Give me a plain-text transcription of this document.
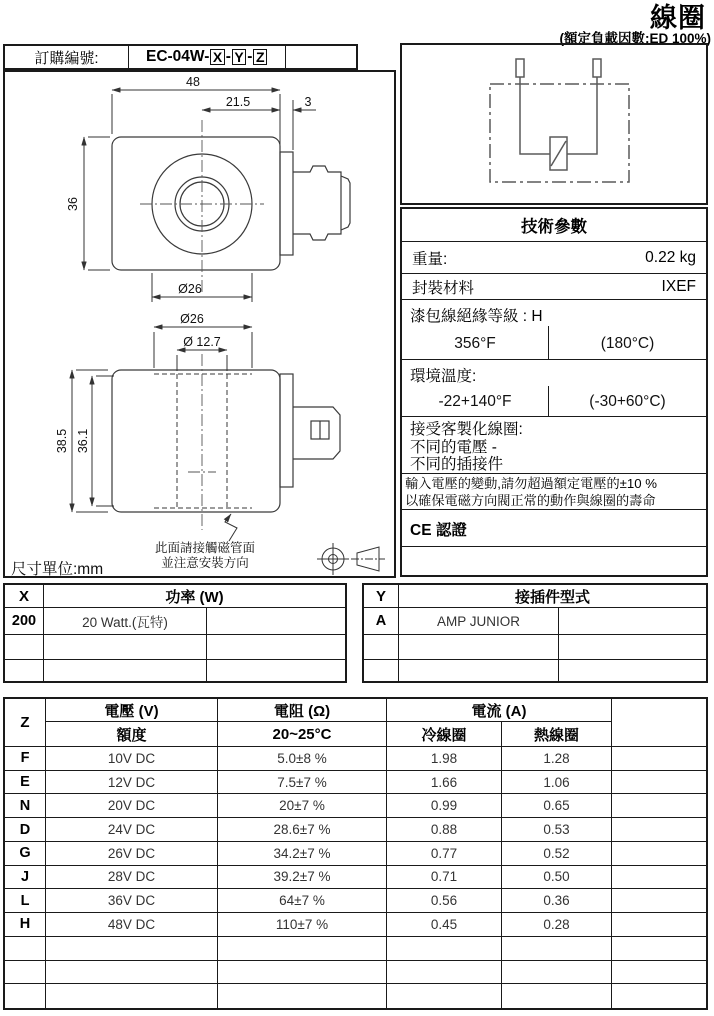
線圈
(額定負載因數:ED 100%)
訂購編號:	EC-04W- X - Y - Z
48
21.5	3
36
Ø26
Ø26
Ø 12.7
38.5 36.1
此面請接觸磁管面
並注意安裝方向
尺寸單位:mm
技術參數
重量:	0.22 kg
封裝材料	IXEF
漆包線絕緣等級 : H
356°F	(180°C)
環境溫度:
-22+140°F	(-30+60°C)
接受客製化線圈:
不同的電壓 -
不同的插接件
輸入電壓的變動,請勿超過額定電壓的±10 %
以確保電磁方向閥正常的動作與線圈的壽命
CE 認證
X	功率 (W)
200	20 Watt.(瓦特)
Y	接插件型式
A	AMP JUNIOR
Z
電壓 (V)	電阻 (Ω)	電流 (A)
額度	20~25°C	冷線圈	熱線圈
F	10V DC	5.0±8 %	1.98	1.28
E	12V DC	7.5±7 %	1.66	1.06
N	20V DC	20±7 %	0.99	0.65
D	24V DC	28.6±7 %	0.88	0.53
G	26V DC	34.2±7 %	0.77	0.52
J	28V DC	39.2±7 %	0.71	0.50
L	36V DC	64±7 %	0.56	0.36
H	48V DC	110±7 %	0.45	0.28
